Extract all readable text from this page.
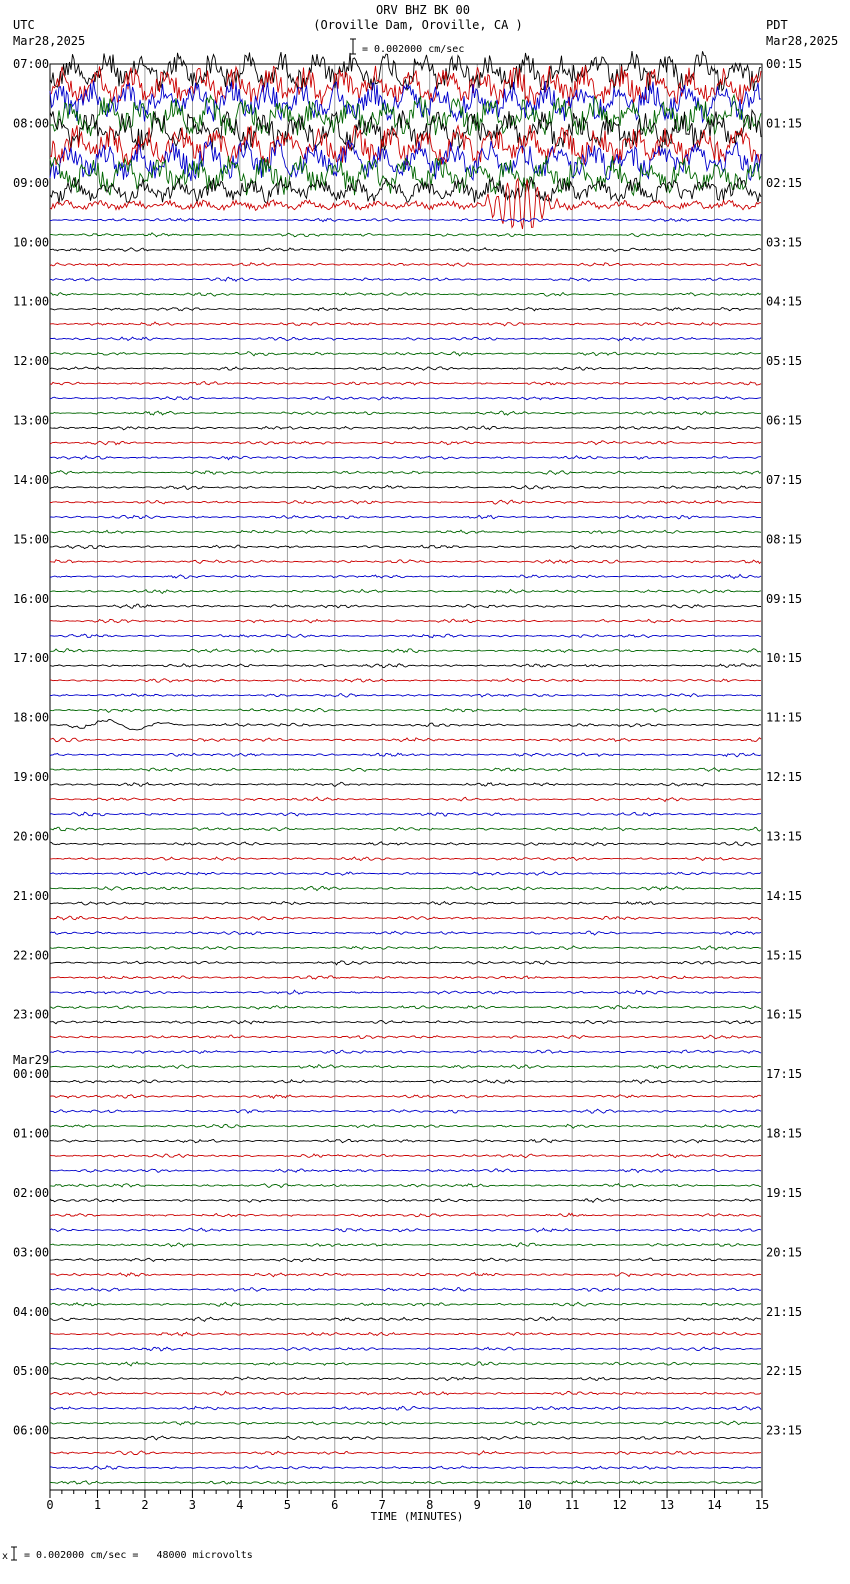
ORV BHZ BK 00
(Oroville Dam, Oroville, CA )
= 0.002000 cm/sec
UTC
Mar28,2025
PDT
Mar28,2025
0	1	2	3	4	5	6	7	8	9	10	11	12	13	14	15
TIME (MINUTES)
07:00	00:15
08:00	01:15
09:00	02:15
10:00	03:15
11:00	04:15
12:00	05:15
13:00	06:15
14:00	07:15
15:00	08:15
16:00	09:15
17:00	10:15
18:00	11:15
19:00	12:15
20:00	13:15
21:00	14:15
22:00	15:15
23:00	16:15
00:00	17:15
01:00	18:15
02:00	19:15
03:00	20:15
04:00	21:15
05:00	22:15
06:00	23:15
Mar29
x = 0.002000 cm/sec =   48000 microvolts
